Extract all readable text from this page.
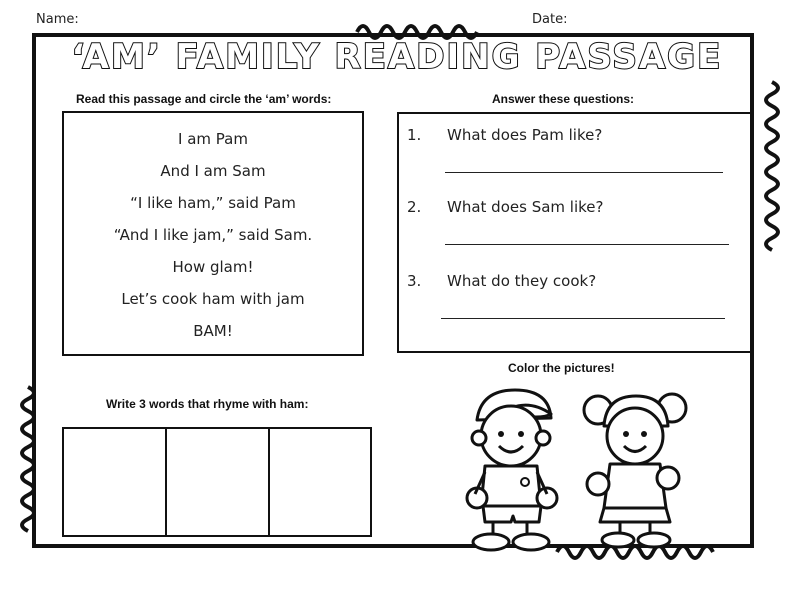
Name:	Date:
‘AM’ FAMILY READING PASSAGE
Read this passage and circle the ‘am’ words:
I am Pam
And I am Sam
“I like ham,” said Pam
“And I like jam,” said Sam.
How glam!
Let’s cook ham with jam
BAM!
Answer these questions:
1. What does Pam like?
2. What does Sam like?
3. What do they cook?
Write 3 words that rhyme with ham:
Color the pictures!
